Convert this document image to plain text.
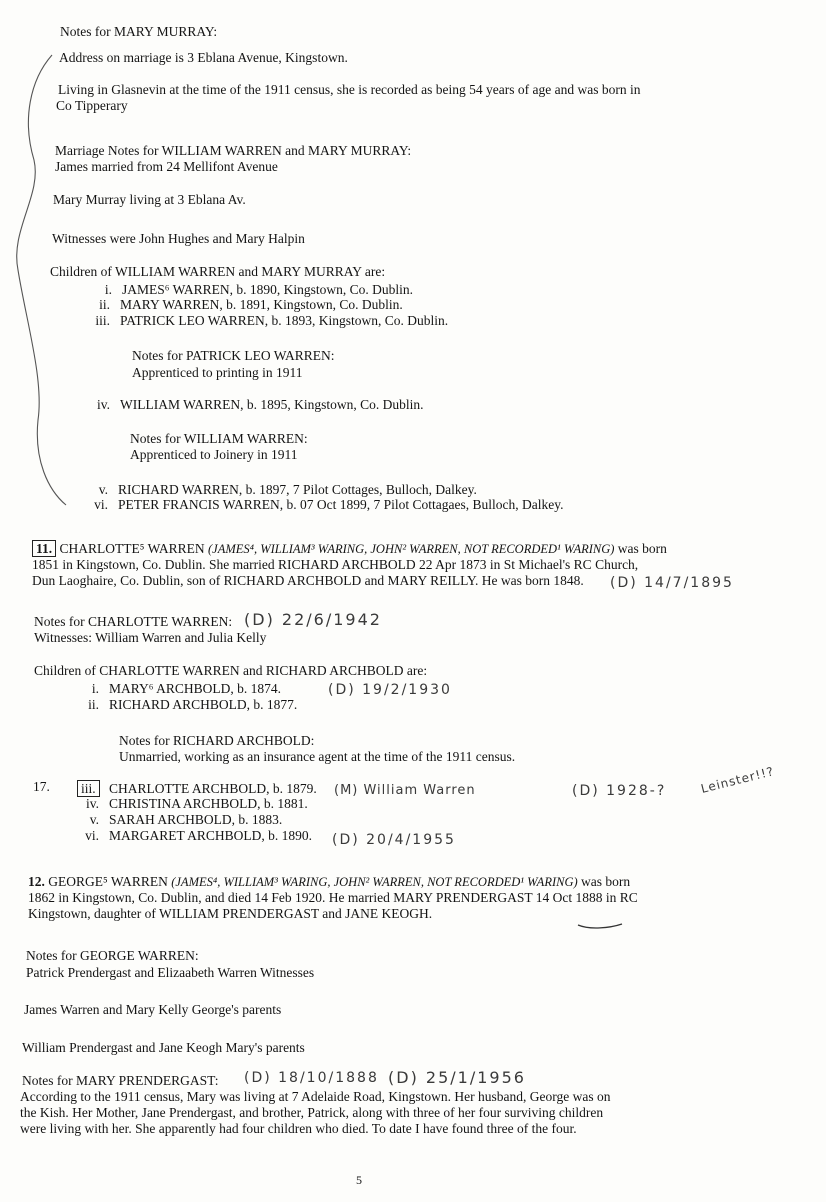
Notes for MARY MURRAY:
Address on marriage is 3 Eblana Avenue, Kingstown.
Living in Glasnevin at the time of the 1911 census, she is recorded as being 54 years of age and was born in
Co Tipperary
Marriage Notes for WILLIAM WARREN and MARY MURRAY:
James married from 24 Mellifont Avenue
Mary Murray living at 3 Eblana Av.
Witnesses were John Hughes and Mary Halpin
Children of WILLIAM WARREN and MARY MURRAY are:
i. JAMES⁶ WARREN, b. 1890, Kingstown, Co. Dublin.
ii. MARY WARREN, b. 1891, Kingstown, Co. Dublin.
iii. PATRICK LEO WARREN, b. 1893, Kingstown, Co. Dublin.
Notes for PATRICK LEO WARREN:
Apprenticed to printing in 1911
iv. WILLIAM WARREN, b. 1895, Kingstown, Co. Dublin.
Notes for WILLIAM WARREN:
Apprenticed to Joinery in 1911
v. RICHARD WARREN, b. 1897, 7 Pilot Cottages, Bulloch, Dalkey.
vi. PETER FRANCIS WARREN, b. 07 Oct 1899, 7 Pilot Cottagaes, Bulloch, Dalkey.
11. CHARLOTTE⁵ WARREN (JAMES⁴, WILLIAM³ WARING, JOHN² WARREN, NOT RECORDED¹ WARING) was born
1851 in Kingstown, Co. Dublin. She married RICHARD ARCHBOLD 22 Apr 1873 in St Michael's RC Church,
Dun Laoghaire, Co. Dublin, son of RICHARD ARCHBOLD and MARY REILLY. He was born 1848. (D) 14/7/1895
Notes for CHARLOTTE WARREN: (D) 22/6/1942
Witnesses: William Warren and Julia Kelly
Children of CHARLOTTE WARREN and RICHARD ARCHBOLD are:
i. MARY⁶ ARCHBOLD, b. 1874.	(D) 19/2/1930
ii. RICHARD ARCHBOLD, b. 1877.
Notes for RICHARD ARCHBOLD:
Unmarried, working as an insurance agent at the time of the 1911 census.
17. iii. CHARLOTTE ARCHBOLD, b. 1879. (M) William Warren	(D) 1928-?	Leinster!!?
iv. CHRISTINA ARCHBOLD, b. 1881.
v. SARAH ARCHBOLD, b. 1883.
vi. MARGARET ARCHBOLD, b. 1890. (D) 20/4/1955
12. GEORGE⁵ WARREN (JAMES⁴, WILLIAM³ WARING, JOHN² WARREN, NOT RECORDED¹ WARING) was born
1862 in Kingstown, Co. Dublin, and died 14 Feb 1920. He married MARY PRENDERGAST 14 Oct 1888 in RC
Kingstown, daughter of WILLIAM PRENDERGAST and JANE KEOGH.
Notes for GEORGE WARREN:
Patrick Prendergast and Elizaabeth Warren Witnesses
James Warren and Mary Kelly George's parents
William Prendergast and Jane Keogh Mary's parents
Notes for MARY PRENDERGAST: (D) 18/10/1888 (D) 25/1/1956
According to the 1911 census, Mary was living at 7 Adelaide Road, Kingstown. Her husband, George was on
the Kish. Her Mother, Jane Prendergast, and brother, Patrick, along with three of her four surviving children
were living with her. She apparently had four children who died. To date I have found three of the four.
5
